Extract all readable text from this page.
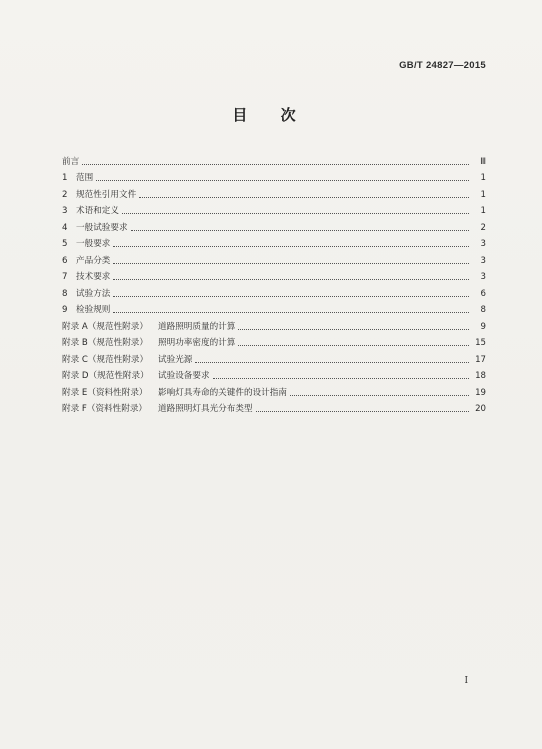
GB/T 24827—2015
目 次
前言	Ⅲ
1 范围	1
2 规范性引用文件	1
3 术语和定义	1
4 一般试验要求	2
5 一般要求	3
6 产品分类	3
7 技术要求	3
8 试验方法	6
9 检验规则	8
附录 A（规范性附录）	道路照明质量的计算	9
附录 B（规范性附录）	照明功率密度的计算	15
附录 C（规范性附录）	试验光源	17
附录 D（规范性附录）	试验设备要求	18
附录 E（资料性附录）	影响灯具寿命的关键件的设计指南	19
附录 F（资料性附录）	道路照明灯具光分布类型	20
Ⅰ
